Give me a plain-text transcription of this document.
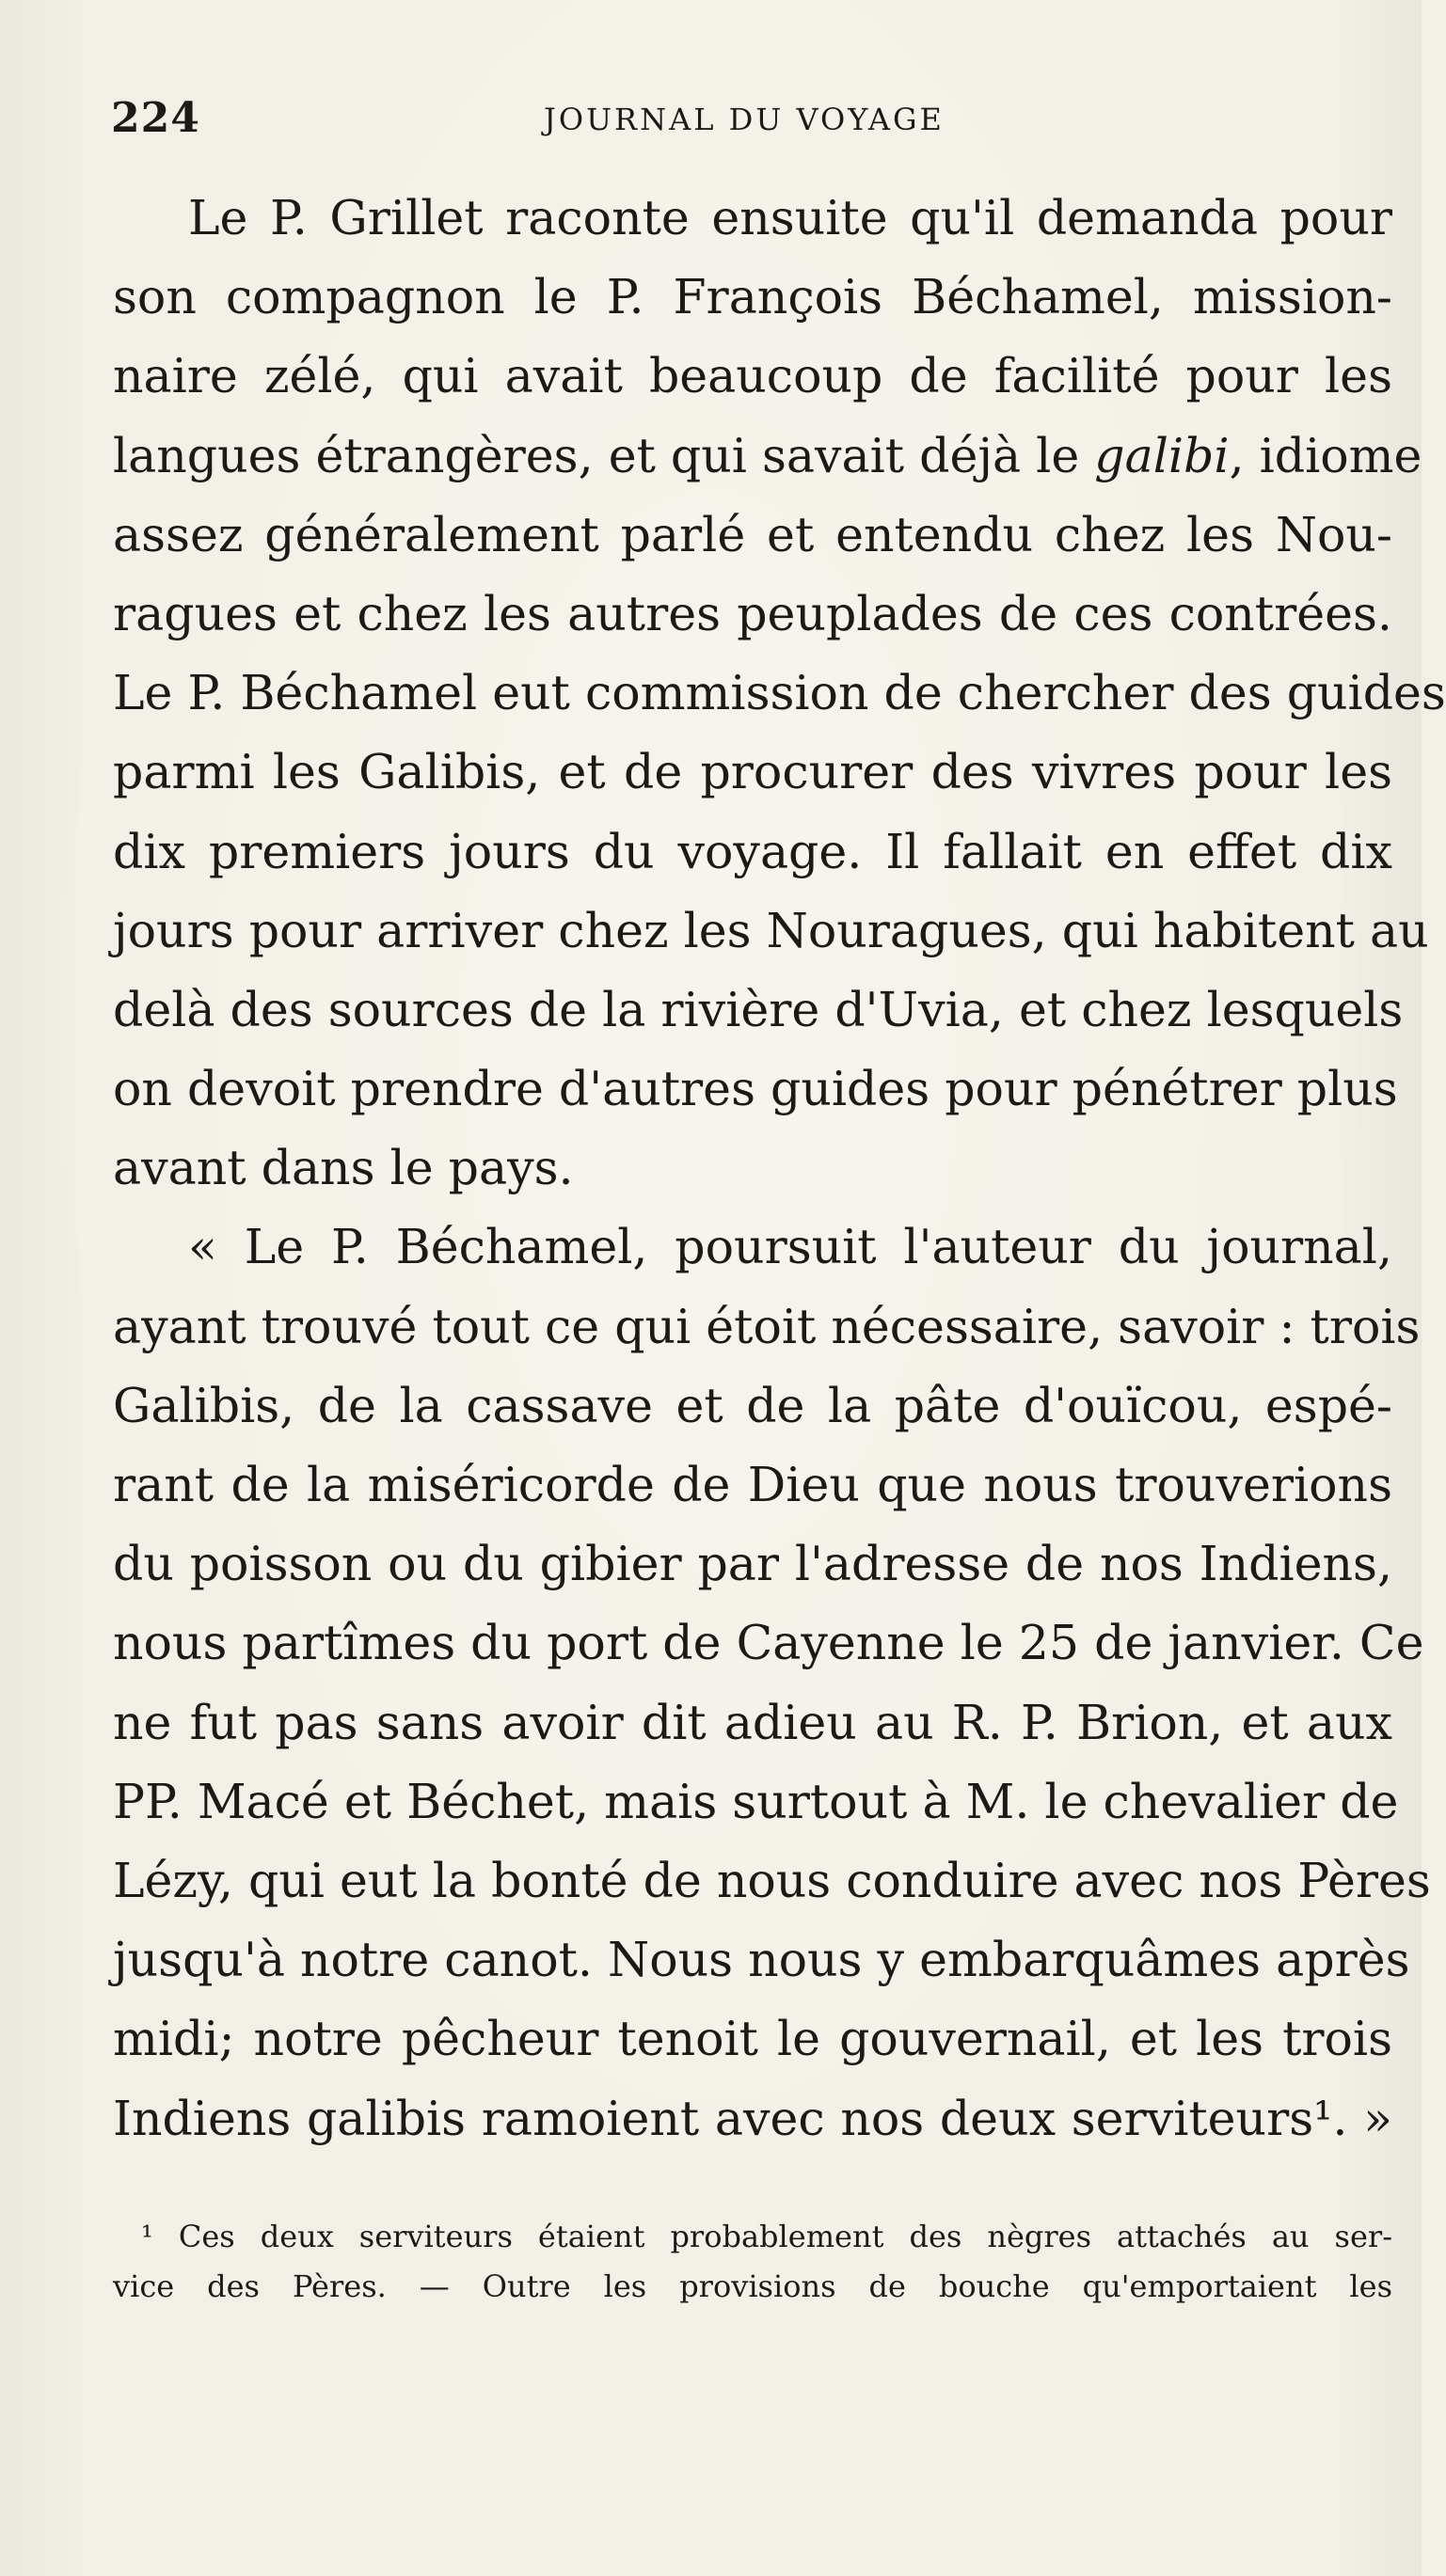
224	JOURNAL DU VOYAGE
Le P. Grillet raconte ensuite qu'il demanda pour
son compagnon le P. François Béchamel, mission-
naire zélé, qui avait beaucoup de facilité pour les
langues étrangères, et qui savait déjà le galibi, idiome
assez généralement parlé et entendu chez les Nou-
ragues et chez les autres peuplades de ces contrées.
Le P. Béchamel eut commission de chercher des guides
parmi les Galibis, et de procurer des vivres pour les
dix premiers jours du voyage. Il fallait en effet dix
jours pour arriver chez les Nouragues, qui habitent au
delà des sources de la rivière d'Uvia, et chez lesquels
on devoit prendre d'autres guides pour pénétrer plus
avant dans le pays.
« Le P. Béchamel, poursuit l'auteur du journal,
ayant trouvé tout ce qui étoit nécessaire, savoir : trois
Galibis, de la cassave et de la pâte d'ouïcou, espé-
rant de la miséricorde de Dieu que nous trouverions
du poisson ou du gibier par l'adresse de nos Indiens,
nous partîmes du port de Cayenne le 25 de janvier. Ce
ne fut pas sans avoir dit adieu au R. P. Brion, et aux
PP. Macé et Béchet, mais surtout à M. le chevalier de
Lézy, qui eut la bonté de nous conduire avec nos Pères
jusqu'à notre canot. Nous nous y embarquâmes après
midi; notre pêcheur tenoit le gouvernail, et les trois
Indiens galibis ramoient avec nos deux serviteurs¹. »
¹ Ces deux serviteurs étaient probablement des nègres attachés au ser-
vice des Pères. — Outre les provisions de bouche qu'emportaient les
